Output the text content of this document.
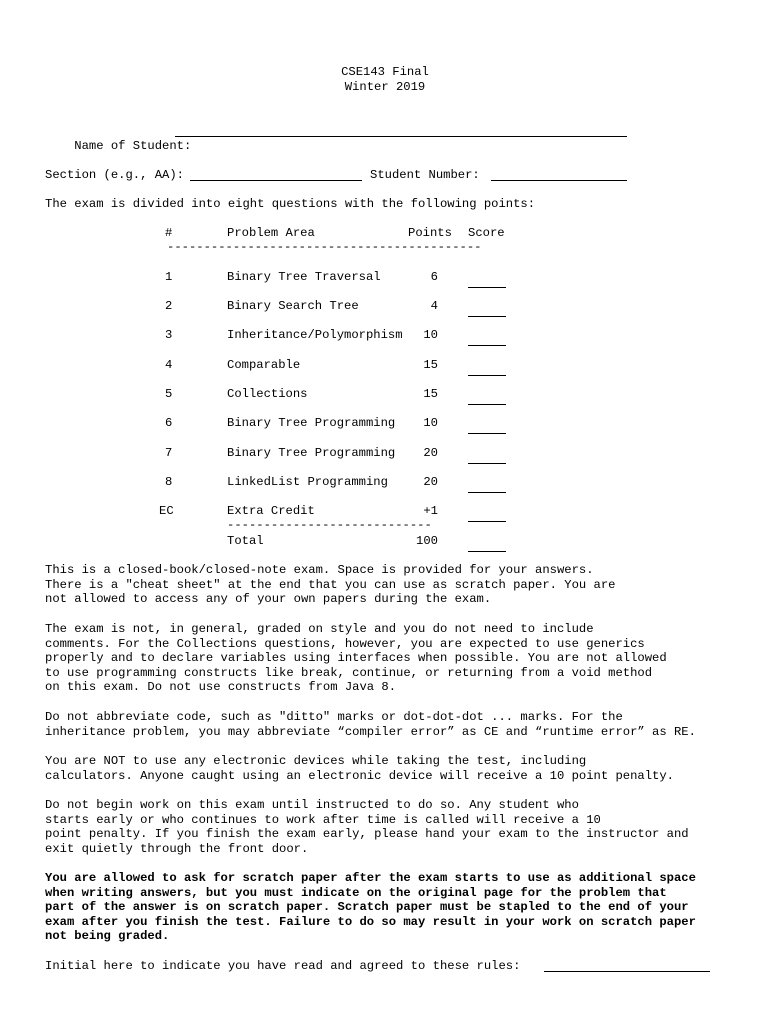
CSE143 Final
Winter 2019

Name of Student:

Section (e.g., AA):	Student Number:
The exam is divided into eight questions with the following points:
#	Problem Area	Points Score
-------------------------------------------
1	Binary Tree Traversal	6
2	Binary Search Tree	4
3	Inheritance/Polymorphism	10
4	Comparable	15
5	Collections	15
6	Binary Tree Programming	10
7	Binary Tree Programming	20
8	LinkedList Programming	20
EC	Extra Credit	+1
----------------------------
Total	100
This is a closed-book/closed-note exam. Space is provided for your answers.
There is a "cheat sheet" at the end that you can use as scratch paper. You are
not allowed to access any of your own papers during the exam.
The exam is not, in general, graded on style and you do not need to include
comments. For the Collections questions, however, you are expected to use generics
properly and to declare variables using interfaces when possible. You are not allowed
to use programming constructs like break, continue, or returning from a void method
on this exam. Do not use constructs from Java 8.
Do not abbreviate code, such as "ditto" marks or dot-dot-dot ... marks. For the
inheritance problem, you may abbreviate “compiler error” as CE and “runtime error” as RE.
You are NOT to use any electronic devices while taking the test, including
calculators. Anyone caught using an electronic device will receive a 10 point penalty.
Do not begin work on this exam until instructed to do so. Any student who
starts early or who continues to work after time is called will receive a 10
point penalty. If you finish the exam early, please hand your exam to the instructor and
exit quietly through the front door.
You are allowed to ask for scratch paper after the exam starts to use as additional space
when writing answers, but you must indicate on the original page for the problem that
part of the answer is on scratch paper. Scratch paper must be stapled to the end of your
exam after you finish the test. Failure to do so may result in your work on scratch paper
not being graded.
Initial here to indicate you have read and agreed to these rules:
